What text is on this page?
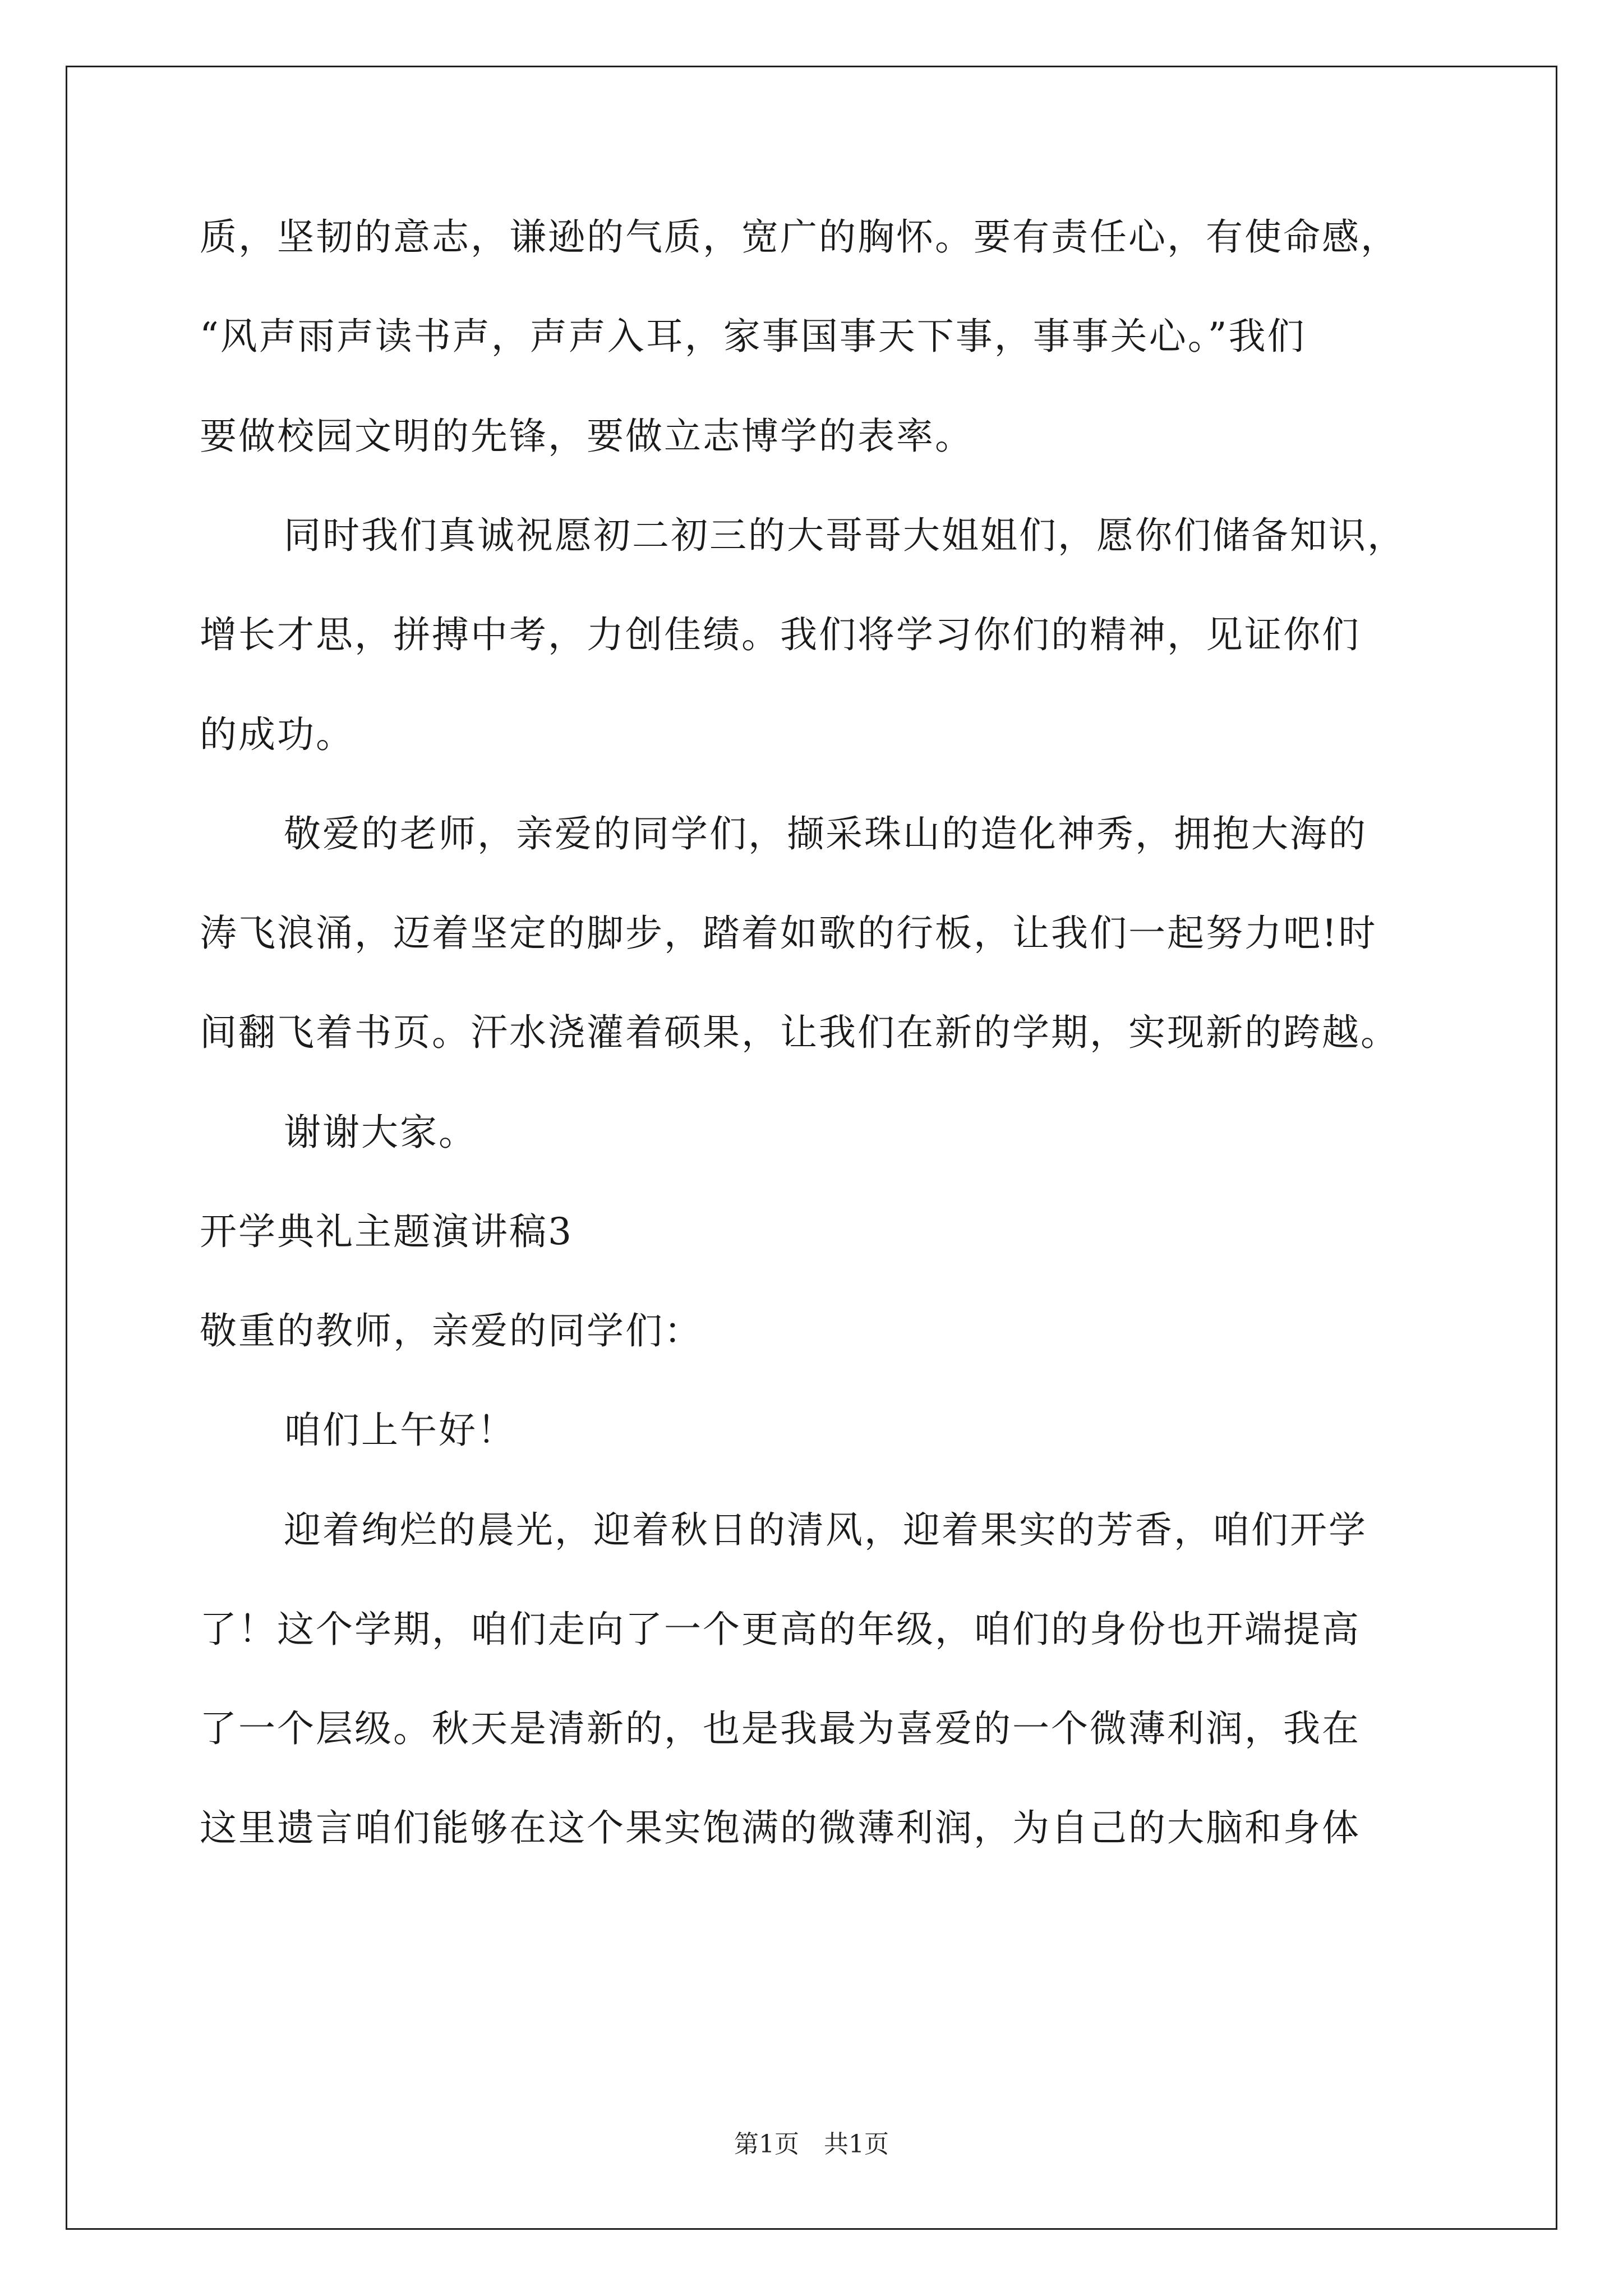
质，坚韧的意志，谦逊的气质，宽广的胸怀。要有责任心，有使命感，
“风声雨声读书声，声声入耳，家事国事天下事，事事关心。”我们
要做校园文明的先锋，要做立志博学的表率。
同时我们真诚祝愿初二初三的大哥哥大姐姐们，愿你们储备知识，
增长才思，拼搏中考，力创佳绩。我们将学习你们的精神，见证你们
的成功。
敬爱的老师，亲爱的同学们，撷采珠山的造化神秀，拥抱大海的
涛飞浪涌，迈着坚定的脚步，踏着如歌的行板，让我们一起努力吧!时
间翻飞着书页。汗水浇灌着硕果，让我们在新的学期，实现新的跨越。
谢谢大家。
开学典礼主题演讲稿3
敬重的教师，亲爱的同学们：
咱们上午好！
迎着绚烂的晨光，迎着秋日的清风，迎着果实的芳香，咱们开学
了！这个学期，咱们走向了一个更高的年级，咱们的身份也开端提高
了一个层级。秋天是清新的，也是我最为喜爱的一个微薄利润，我在
这里遗言咱们能够在这个果实饱满的微薄利润，为自己的大脑和身体
第1页　共1页
